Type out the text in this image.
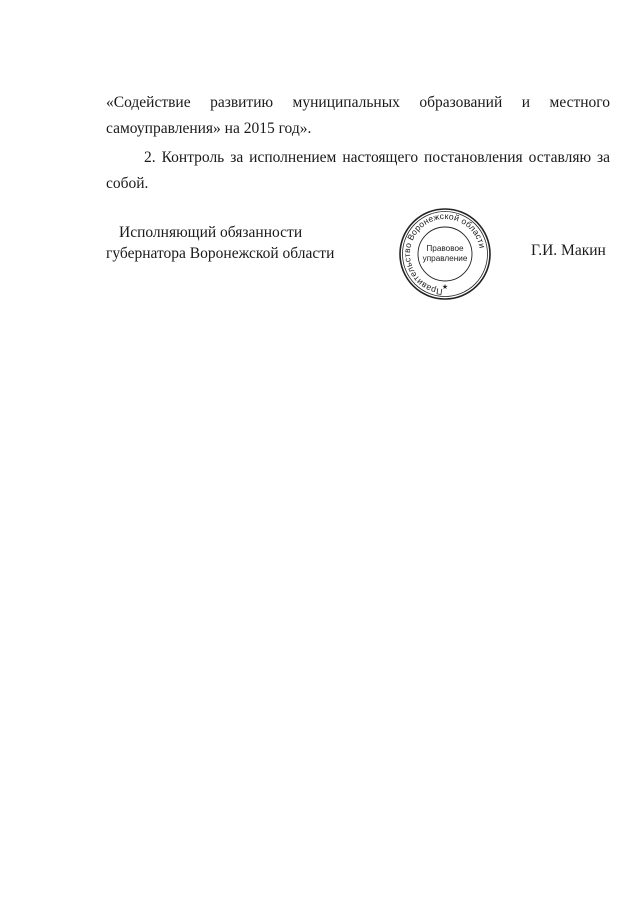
«Содействие развитию муниципальных образований и местного
самоуправления» на 2015 год».
2. Контроль за исполнением настоящего постановления оставляю за
собой.
Исполняющий обязанности
губернатора Воронежской области
Правительство Воронежской области
Правовое
управление
★
Г.И. Макин
